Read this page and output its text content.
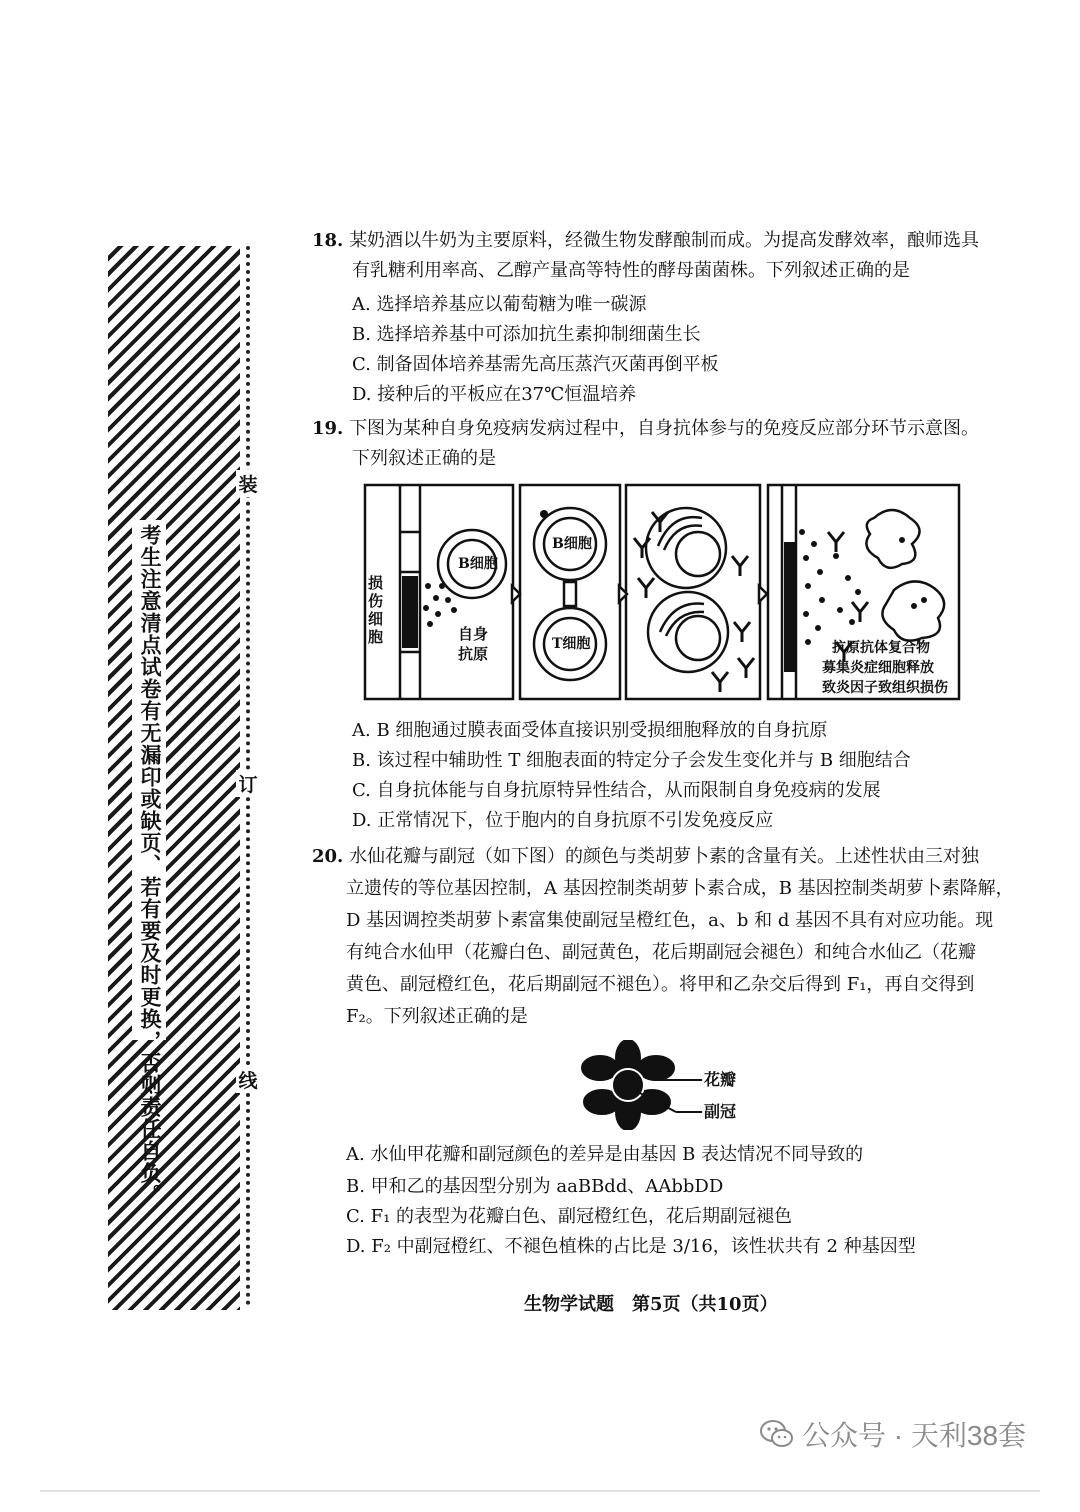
考生注意清点试卷有无漏印或缺页、若有要及时更换，否则责任自负。
装
订
线
18. 某奶酒以牛奶为主要原料，经微生物发酵酿制而成。为提高发酵效率，酿师选具
有乳糖利用率高、乙醇产量高等特性的酵母菌菌株。下列叙述正确的是
A. 选择培养基应以葡萄糖为唯一碳源
B. 选择培养基中可添加抗生素抑制细菌生长
C. 制备固体培养基需先高压蒸汽灭菌再倒平板
D. 接种后的平板应在37℃恒温培养
19. 下图为某种自身免疫病发病过程中，自身抗体参与的免疫反应部分环节示意图。
下列叙述正确的是
损伤细胞
B细胞
自身抗原
B细胞
T细胞	抗原抗体复合物
募集炎症细胞释放
致炎因子致组织损伤
A. B 细胞通过膜表面受体直接识别受损细胞释放的自身抗原
B. 该过程中辅助性 T 细胞表面的特定分子会发生变化并与 B 细胞结合
C. 自身抗体能与自身抗原特异性结合，从而限制自身免疫病的发展
D. 正常情况下，位于胞内的自身抗原不引发免疫反应
20. 水仙花瓣与副冠（如下图）的颜色与类胡萝卜素的含量有关。上述性状由三对独
立遗传的等位基因控制，A 基因控制类胡萝卜素合成，B 基因控制类胡萝卜素降解，
D 基因调控类胡萝卜素富集使副冠呈橙红色，a、b 和 d 基因不具有对应功能。现
有纯合水仙甲（花瓣白色、副冠黄色，花后期副冠会褪色）和纯合水仙乙（花瓣
黄色、副冠橙红色，花后期副冠不褪色）。将甲和乙杂交后得到 F₁，再自交得到
F₂。下列叙述正确的是
花瓣
副冠
A. 水仙甲花瓣和副冠颜色的差异是由基因 B 表达情况不同导致的
B. 甲和乙的基因型分别为 aaBBdd、AAbbDD
C. F₁ 的表型为花瓣白色、副冠橙红色，花后期副冠褪色
D. F₂ 中副冠橙红、不褪色植株的占比是 3/16，该性状共有 2 种基因型
生物学试题　第5页（共10页）
公众号 · 天利38套
